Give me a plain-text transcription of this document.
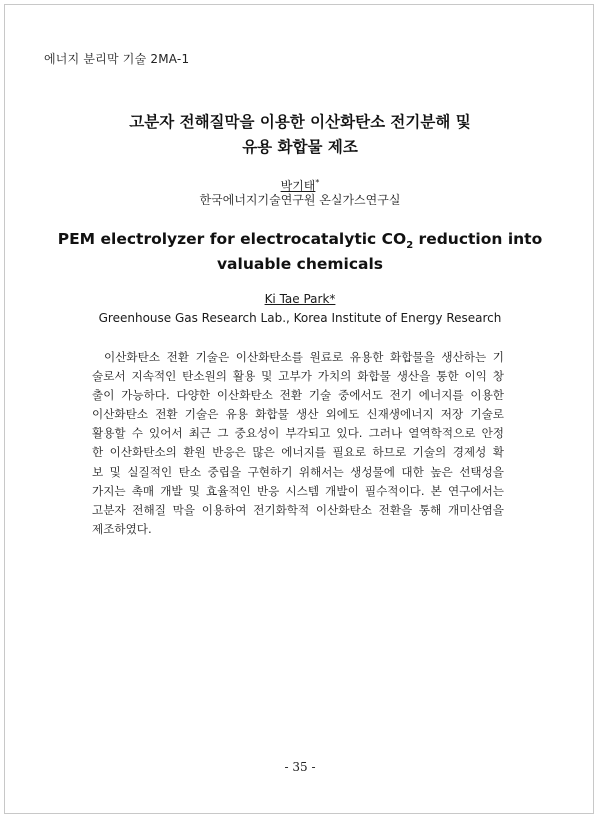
에너지 분리막 기술 2MA-1
고분자 전해질막을 이용한 이산화탄소 전기분해 및
유용 화합물 제조
박기태*
한국에너지기술연구원 온실가스연구실
PEM electrolyzer for electrocatalytic $CO_2$ reduction into
valuable chemicals
Ki Tae Park*
Greenhouse Gas Research Lab., Korea Institute of Energy Research
이산화탄소 전환 기술은 이산화탄소를 원료로 유용한 화합물을 생산하는 기
술로서 지속적인 탄소원의 활용 및 고부가 가치의 화합물 생산을 통한 이익 창
출이 가능하다. 다양한 이산화탄소 전환 기술 중에서도 전기 에너지를 이용한
이산화탄소 전환 기술은 유용 화합물 생산 외에도 신재생에너지 저장 기술로
활용할 수 있어서 최근 그 중요성이 부각되고 있다. 그러나 열역학적으로 안정
한 이산화탄소의 환원 반응은 많은 에너지를 필요로 하므로 기술의 경제성 확
보 및 실질적인 탄소 중립을 구현하기 위해서는 생성물에 대한 높은 선택성을
가지는 촉매 개발 및 효율적인 반응 시스템 개발이 필수적이다. 본 연구에서는
고분자 전해질 막을 이용하여 전기화학적 이산화탄소 전환을 통해 개미산염을
제조하였다.
- 35 -
